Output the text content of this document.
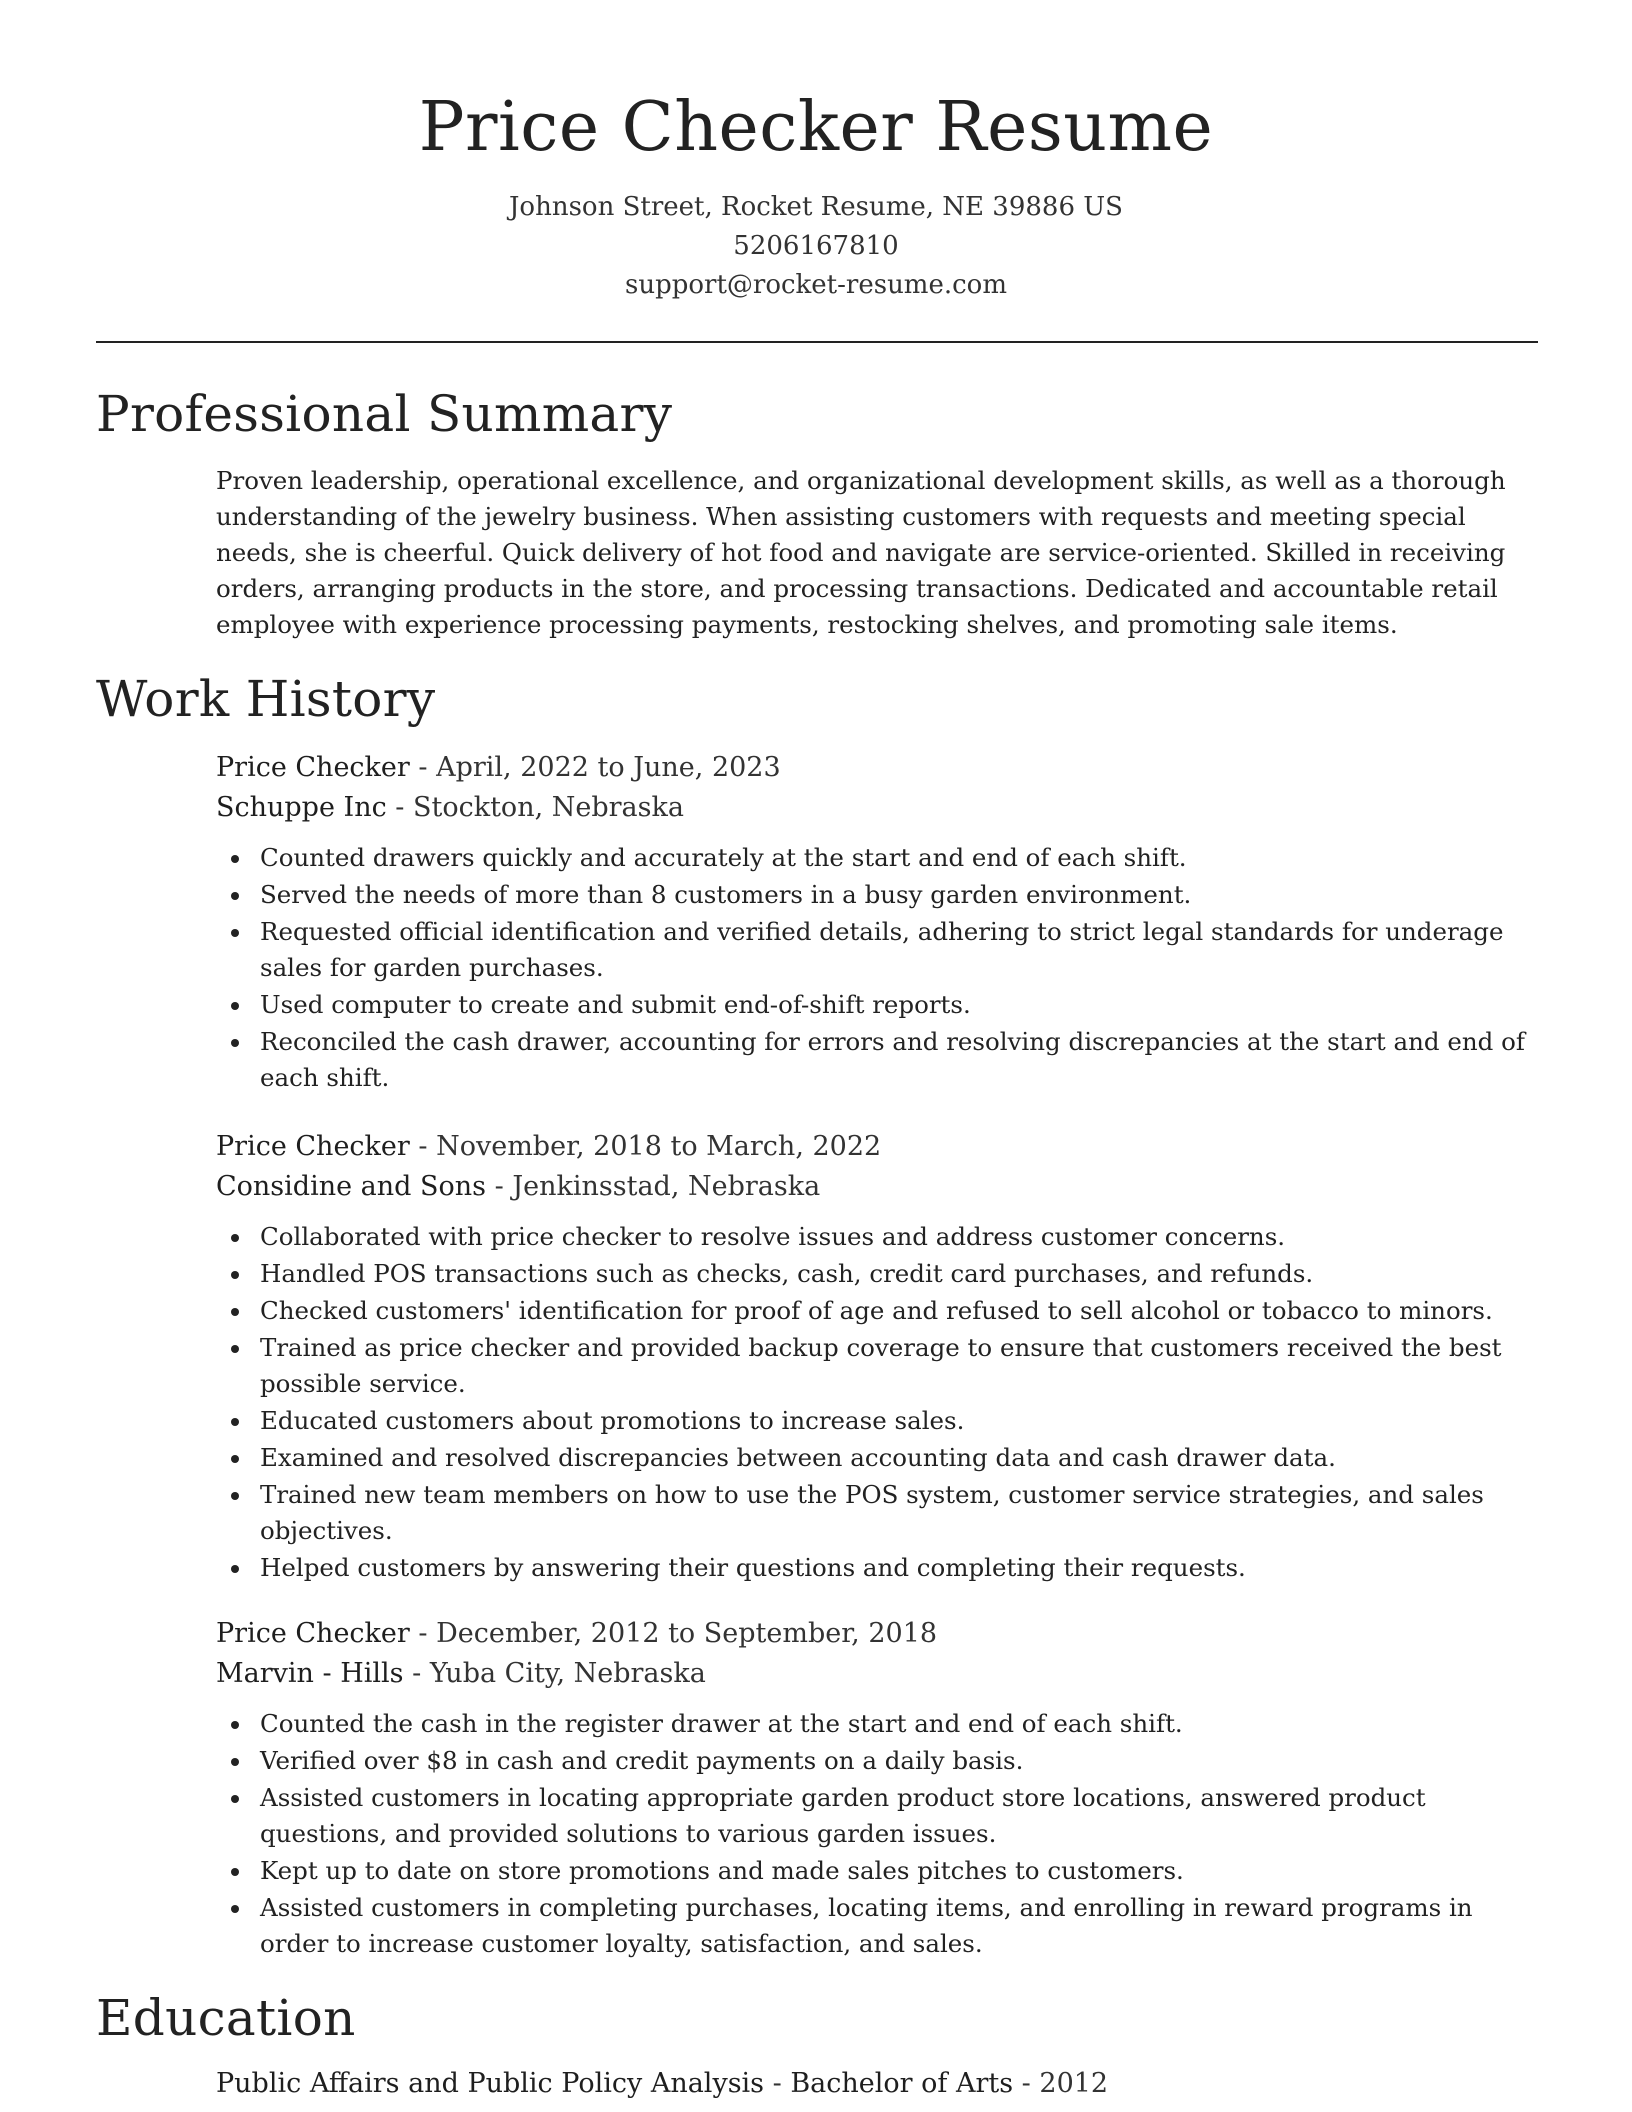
Price Checker Resume
Johnson Street, Rocket Resume, NE 39886 US
5206167810
support@rocket-resume.com
Professional Summary

Proven leadership, operational excellence, and organizational development skills, as well as a thorough understanding of the jewelry business. When assisting customers with requests and meeting special needs, she is cheerful. Quick delivery of hot food and navigate are service-oriented. Skilled in receiving orders, arranging products in the store, and processing transactions. Dedicated and accountable retail employee with experience processing payments, restocking shelves, and promoting sale items.

Work History
Price Checker - April, 2022 to June, 2023
Schuppe Inc - Stockton, Nebraska
Counted drawers quickly and accurately at the start and end of each shift.
Served the needs of more than 8 customers in a busy garden environment.
Requested official identification and verified details, adhering to strict legal standards for underage sales for garden purchases.
Used computer to create and submit end-of-shift reports.
Reconciled the cash drawer, accounting for errors and resolving discrepancies at the start and end of each shift.
Price Checker - November, 2018 to March, 2022
Considine and Sons - Jenkinsstad, Nebraska
Collaborated with price checker to resolve issues and address customer concerns.
Handled POS transactions such as checks, cash, credit card purchases, and refunds.
Checked customers' identification for proof of age and refused to sell alcohol or tobacco to minors.
Trained as price checker and provided backup coverage to ensure that customers received the best possible service.
Educated customers about promotions to increase sales.
Examined and resolved discrepancies between accounting data and cash drawer data.
Trained new team members on how to use the POS system, customer service strategies, and sales objectives.
Helped customers by answering their questions and completing their requests.
Price Checker - December, 2012 to September, 2018
Marvin - Hills - Yuba City, Nebraska
Counted the cash in the register drawer at the start and end of each shift.
Verified over $8 in cash and credit payments on a daily basis.
Assisted customers in locating appropriate garden product store locations, answered product questions, and provided solutions to various garden issues.
Kept up to date on store promotions and made sales pitches to customers.
Assisted customers in completing purchases, locating items, and enrolling in reward programs in order to increase customer loyalty, satisfaction, and sales.
Education
Public Affairs and Public Policy Analysis - Bachelor of Arts - 2012
